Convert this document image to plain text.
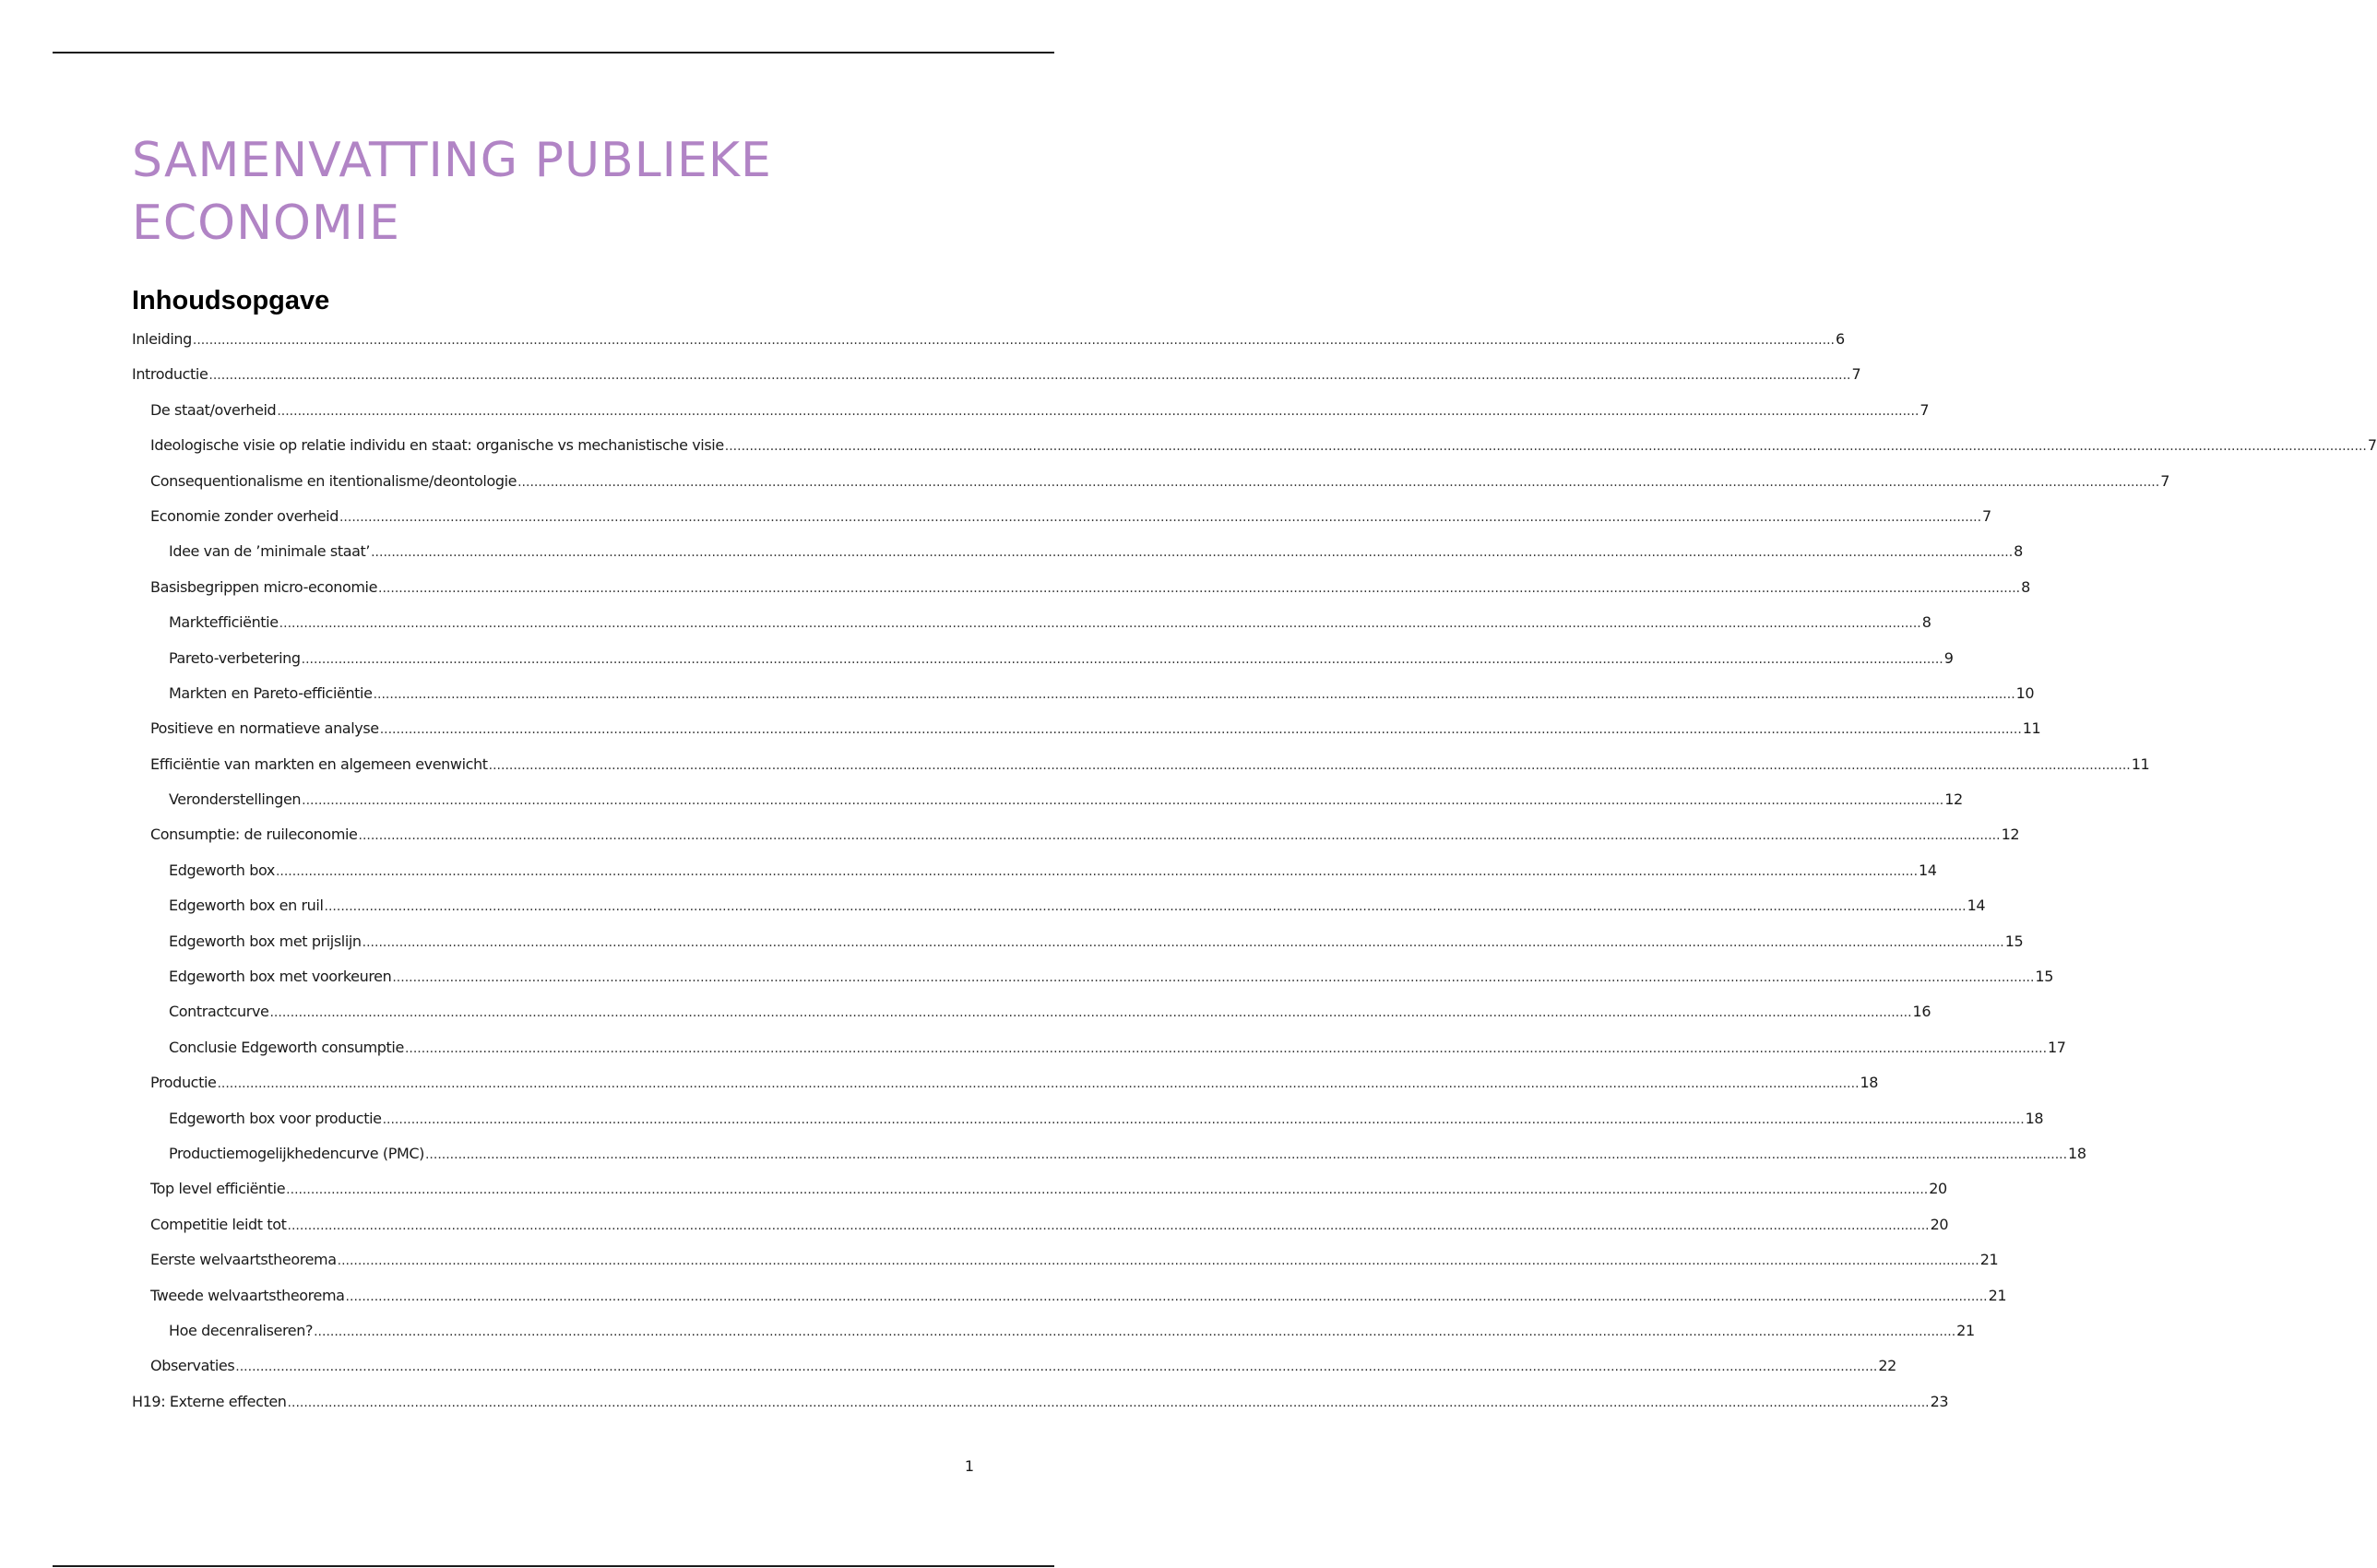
SAMENVATTING PUBLIEKE ECONOMIE
Inhoudsopgave
Inleiding ................................................................................................................................................................................................................................................................................................................................................................................................................ 6
Introductie ................................................................................................................................................................................................................................................................................................................................................................................................................ 7
De staat/overheid ................................................................................................................................................................................................................................................................................................................................................................................................................ 7
Ideologische visie op relatie individu en staat: organische vs mechanistische visie ................................................................................................................................................................................................................................................................................................................................................................................................................ 7
Consequentionalisme en itentionalisme/deontologie ................................................................................................................................................................................................................................................................................................................................................................................................................ 7
Economie zonder overheid ................................................................................................................................................................................................................................................................................................................................................................................................................ 7
Idee van de ’minimale staat’ ................................................................................................................................................................................................................................................................................................................................................................................................................ 8
Basisbegrippen micro-economie ................................................................................................................................................................................................................................................................................................................................................................................................................ 8
Marktefficiëntie ................................................................................................................................................................................................................................................................................................................................................................................................................ 8
Pareto-verbetering ................................................................................................................................................................................................................................................................................................................................................................................................................ 9
Markten en Pareto-efficiëntie ................................................................................................................................................................................................................................................................................................................................................................................................................ 10
Positieve en normatieve analyse ................................................................................................................................................................................................................................................................................................................................................................................................................ 11
Efficiëntie van markten en algemeen evenwicht ................................................................................................................................................................................................................................................................................................................................................................................................................ 11
Veronderstellingen ................................................................................................................................................................................................................................................................................................................................................................................................................ 12
Consumptie: de ruileconomie ................................................................................................................................................................................................................................................................................................................................................................................................................ 12
Edgeworth box ................................................................................................................................................................................................................................................................................................................................................................................................................ 14
Edgeworth box en ruil ................................................................................................................................................................................................................................................................................................................................................................................................................ 14
Edgeworth box met prijslijn ................................................................................................................................................................................................................................................................................................................................................................................................................ 15
Edgeworth box met voorkeuren ................................................................................................................................................................................................................................................................................................................................................................................................................ 15
Contractcurve ................................................................................................................................................................................................................................................................................................................................................................................................................ 16
Conclusie Edgeworth consumptie ................................................................................................................................................................................................................................................................................................................................................................................................................ 17
Productie ................................................................................................................................................................................................................................................................................................................................................................................................................ 18
Edgeworth box voor productie ................................................................................................................................................................................................................................................................................................................................................................................................................ 18
Productiemogelijkhedencurve (PMC) ................................................................................................................................................................................................................................................................................................................................................................................................................ 18
Top level efficiëntie ................................................................................................................................................................................................................................................................................................................................................................................................................ 20
Competitie leidt tot ................................................................................................................................................................................................................................................................................................................................................................................................................ 20
Eerste welvaartstheorema ................................................................................................................................................................................................................................................................................................................................................................................................................ 21
Tweede welvaartstheorema ................................................................................................................................................................................................................................................................................................................................................................................................................ 21
Hoe decenraliseren? ................................................................................................................................................................................................................................................................................................................................................................................................................ 21
Observaties ................................................................................................................................................................................................................................................................................................................................................................................................................ 22
H19: Externe effecten ................................................................................................................................................................................................................................................................................................................................................................................................................ 23
1
